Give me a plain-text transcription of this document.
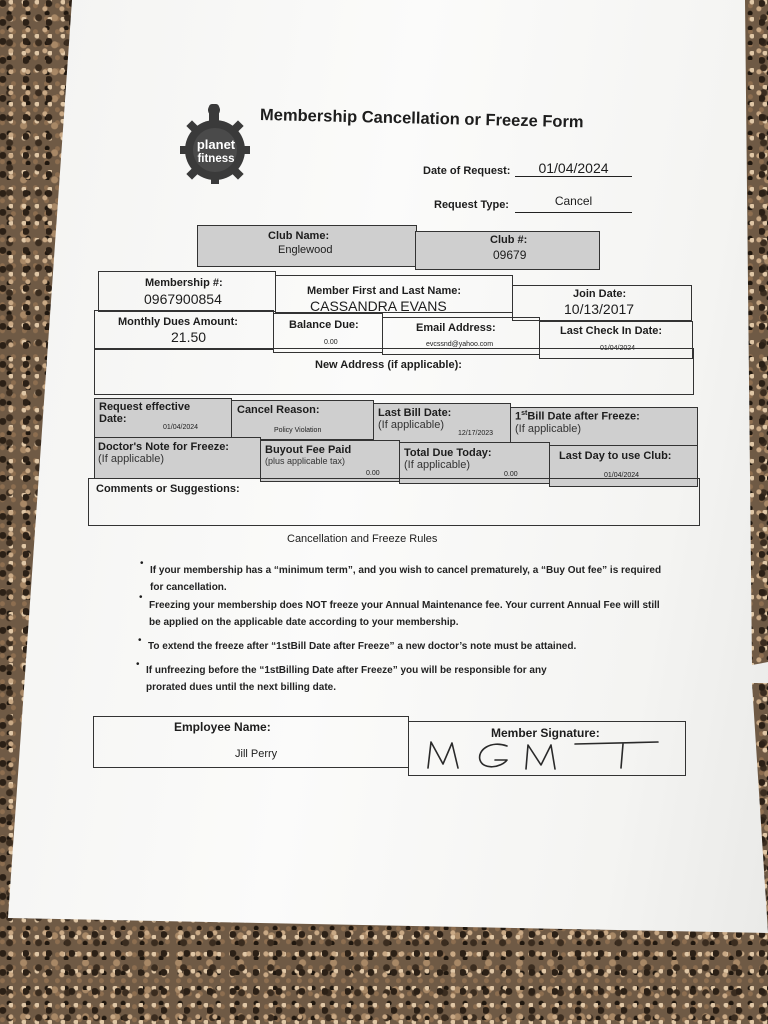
planet
fitness
Membership Cancellation or Freeze Form
Date of Request:	01/04/2024
Request Type:	Cancel
Club Name:
Englewood
Club #:
09679
Membership #:
0967900854	Member First and Last Name:
CASSANDRA EVANS
Join Date:
10/13/2017
Monthly Dues Amount:
21.50
Balance Due:
0.00
Email Address:
evcssnd@yahoo.com
Last Check In Date:
01/04/2024
New Address (if applicable):
Request effective
Date:
01/04/2024
Cancel Reason:
Policy Violation
Last Bill Date:
(If applicable)
12/17/2023
1stBill Date after Freeze:
(If applicable)
Doctor's Note for Freeze:
(If applicable)
Buyout Fee Paid
(plus applicable tax)
0.00
Total Due Today:
(If applicable)
0.00
Last Day to use Club:
01/04/2024
Comments or Suggestions:
Cancellation and Freeze Rules
•
If your membership has a “minimum term”, and you wish to cancel prematurely, a “Buy Out fee” is required
for cancellation.
•
Freezing your membership does NOT freeze your Annual Maintenance fee. Your current Annual Fee will still
be applied on the applicable date according to your membership.
•
To extend the freeze after “1stBill Date after Freeze” a new doctor’s note must be attained.
•
If unfreezing before the “1stBilling Date after Freeze” you will be responsible for any
prorated dues until the next billing date.
Employee Name:
Jill Perry
Member Signature:
